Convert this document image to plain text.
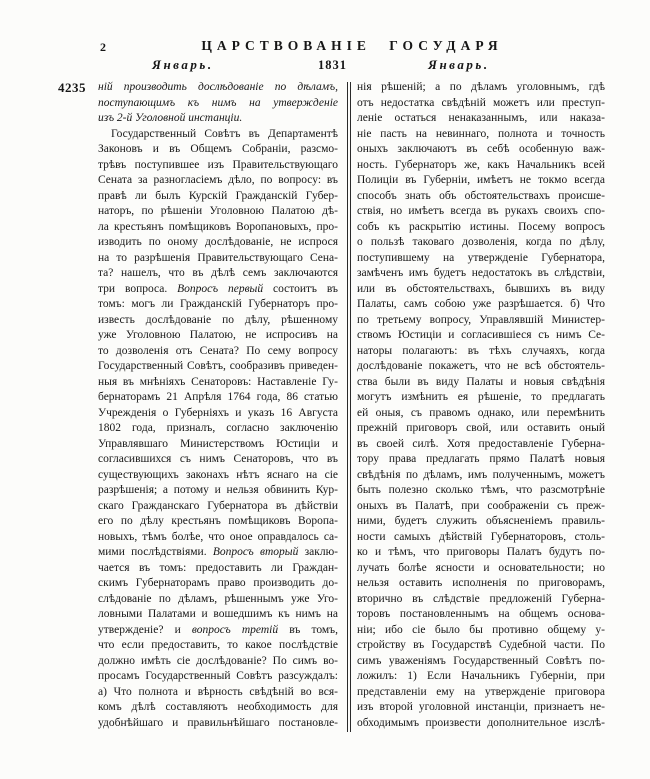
2	ЦАРСТВОВАНІЕ ГОСУДАРЯ
Январь.	1831	Январь.
4235 ній производить дослѣдованіе по дѣламъ,
поступающимъ къ нимъ на утвержденіе
изъ 2-й Уголовной инстанціи.
Государственный Совѣтъ въ Департаментѣ
Законовъ и въ Общемъ Собраніи, разсмо-
трѣвъ поступившее изъ Правительствующаго
Сената за разногласіемъ дѣло, по вопросу: въ
правѣ ли былъ Курскій Гражданскій Губер-
наторъ, по рѣшеніи Уголовною Палатою дѣ-
ла крестьянъ помѣщиковъ Воропановыхъ, про-
изводить по оному дослѣдованіе, не испрося
на то разрѣшенія Правительствующаго Сена-
та? нашелъ, что въ дѣлѣ семъ заключаются
три вопроса. Вопросъ первый состоитъ въ
томъ: могъ ли Гражданскій Губернаторъ про-
известь дослѣдованіе по дѣлу, рѣшенному
уже Уголовною Палатою, не испросивъ на
то дозволенія отъ Сената? По сему вопросу
Государственный Совѣтъ, сообразивъ приведен-
ныя въ мнѣніяхъ Сенаторовъ: Наставленіе Гу-
бернаторамъ 21 Апрѣля 1764 года, 86 статью
Учрежденія о Губерніяхъ и указъ 16 Августа
1802 года, призналъ, согласно заключенію
Управлявшаго Министерствомъ Юстиціи и
согласившихся съ нимъ Сенаторовъ, что въ
существующихъ законахъ нѣтъ яснаго на сіе
разрѣшенія; а потому и нельзя обвинить Кур-
скаго Гражданскаго Губернатора въ дѣйствіи
его по дѣлу крестьянъ помѣщиковъ Воропа-
новыхъ, тѣмъ болѣе, что оное оправдалось са-
мими послѣдствіями. Вопросъ вторый заклю-
чается въ томъ: предоставить ли Граждан-
скимъ Губернаторамъ право производить до-
слѣдованіе по дѣламъ, рѣшеннымъ уже Уго-
ловными Палатами и вошедшимъ къ нимъ на
утвержденіе? и вопросъ третій въ томъ,
что если предоставить, то какое послѣдствіе
должно имѣть сіе дослѣдованіе? По симъ во-
просамъ Государственный Совѣтъ разсуждалъ:
а) Что полнота и вѣрность свѣдѣній во вся-
комъ дѣлѣ составляютъ необходимость для
удобнѣйшаго и правильнѣйшаго постановле-
нія рѣшеній; а по дѣламъ уголовнымъ, гдѣ
отъ недостатка свѣдѣній можетъ или преступ-
леніе остаться ненаказаннымъ, или наказа-
ніе пасть на невиннаго, полнота и точность
оныхъ заключаютъ въ себѣ особенную важ-
ность. Губернаторъ же, какъ Начальникъ всей
Полиціи въ Губерніи, имѣетъ не токмо всегда
способъ знать объ обстоятельствахъ происше-
ствія, но имѣетъ всегда въ рукахъ своихъ спо-
собъ къ раскрытію истины. Посему вопросъ
о пользѣ таковаго дозволенія, когда по дѣлу,
поступившему на утвержденіе Губернатора,
замѣченъ имъ будетъ недостатокъ въ слѣдствіи,
или въ обстоятельствахъ, бывшихъ въ виду
Палаты, самъ собою уже разрѣшается. б) Что
по третьему вопросу, Управлявшій Министер-
ствомъ Юстиціи и согласившіеся съ нимъ Се-
наторы полагаютъ: въ тѣхъ случаяхъ, когда
дослѣдованіе покажетъ, что не всѣ обстоятель-
ства были въ виду Палаты и новыя свѣдѣнія
могутъ измѣнить ея рѣшеніе, то предлагать
ей оныя, съ правомъ однако, или перемѣнить
прежній приговоръ свой, или оставить оный
въ своей силѣ. Хотя предоставленіе Губерна-
тору права предлагать прямо Палатѣ новыя
свѣдѣнія по дѣламъ, имъ полученнымъ, можетъ
быть полезно сколько тѣмъ, что разсмотрѣніе
оныхъ въ Палатѣ, при соображеніи съ преж-
ними, будетъ служить объясненіемъ правиль-
ности самыхъ дѣйствій Губернаторовъ, столь-
ко и тѣмъ, что приговоры Палатъ будутъ по-
лучать болѣе ясности и основательности; но
нельзя оставить исполненія по приговорамъ,
вторично въ слѣдствіе предложеній Губерна-
торовъ постановленнымъ на общемъ основа-
ніи; ибо сіе было бы противно общему у-
стройству въ Государствѣ Судебной части. По
симъ уваженіямъ Государственный Совѣтъ по-
ложилъ: 1) Если Начальникъ Губерніи, при
представленіи ему на утвержденіе приговора
изъ второй уголовной инстанціи, признаетъ не-
обходимымъ произвести дополнительное изслѣ-
